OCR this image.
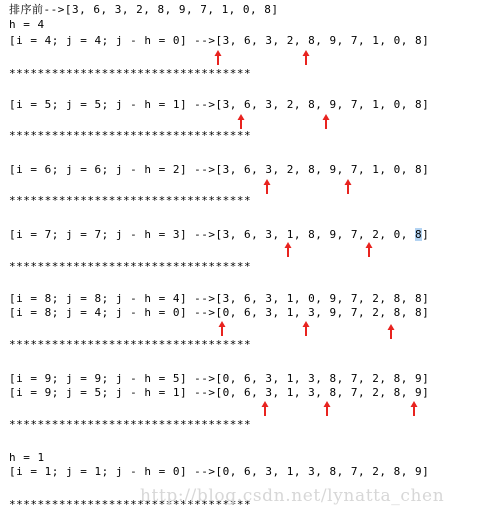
排序前-->[3, 6, 3, 2, 8, 9, 7, 1, 0, 8]
h = 4
[i = 4; j = 4; j - h = 0] -->[3, 6, 3, 2, 8, 9, 7, 1, 0, 8]
**********************************
[i = 5; j = 5; j - h = 1] -->[3, 6, 3, 2, 8, 9, 7, 1, 0, 8]
**********************************
[i = 6; j = 6; j - h = 2] -->[3, 6, 3, 2, 8, 9, 7, 1, 0, 8]
**********************************
[i = 7; j = 7; j - h = 3] -->[3, 6, 3, 1, 8, 9, 7, 2, 0, 8]
**********************************
[i = 8; j = 8; j - h = 4] -->[3, 6, 3, 1, 0, 9, 7, 2, 8, 8]
[i = 8; j = 4; j - h = 0] -->[0, 6, 3, 1, 3, 9, 7, 2, 8, 8]
**********************************
[i = 9; j = 9; j - h = 5] -->[0, 6, 3, 1, 3, 8, 7, 2, 8, 9]
[i = 9; j = 5; j - h = 1] -->[0, 6, 3, 1, 3, 8, 7, 2, 8, 9]
**********************************
h = 1
[i = 1; j = 1; j - h = 0] -->[0, 6, 3, 1, 3, 8, 7, 2, 8, 9]
**********************************
http://blog.csdn.net/lynatta_chen
